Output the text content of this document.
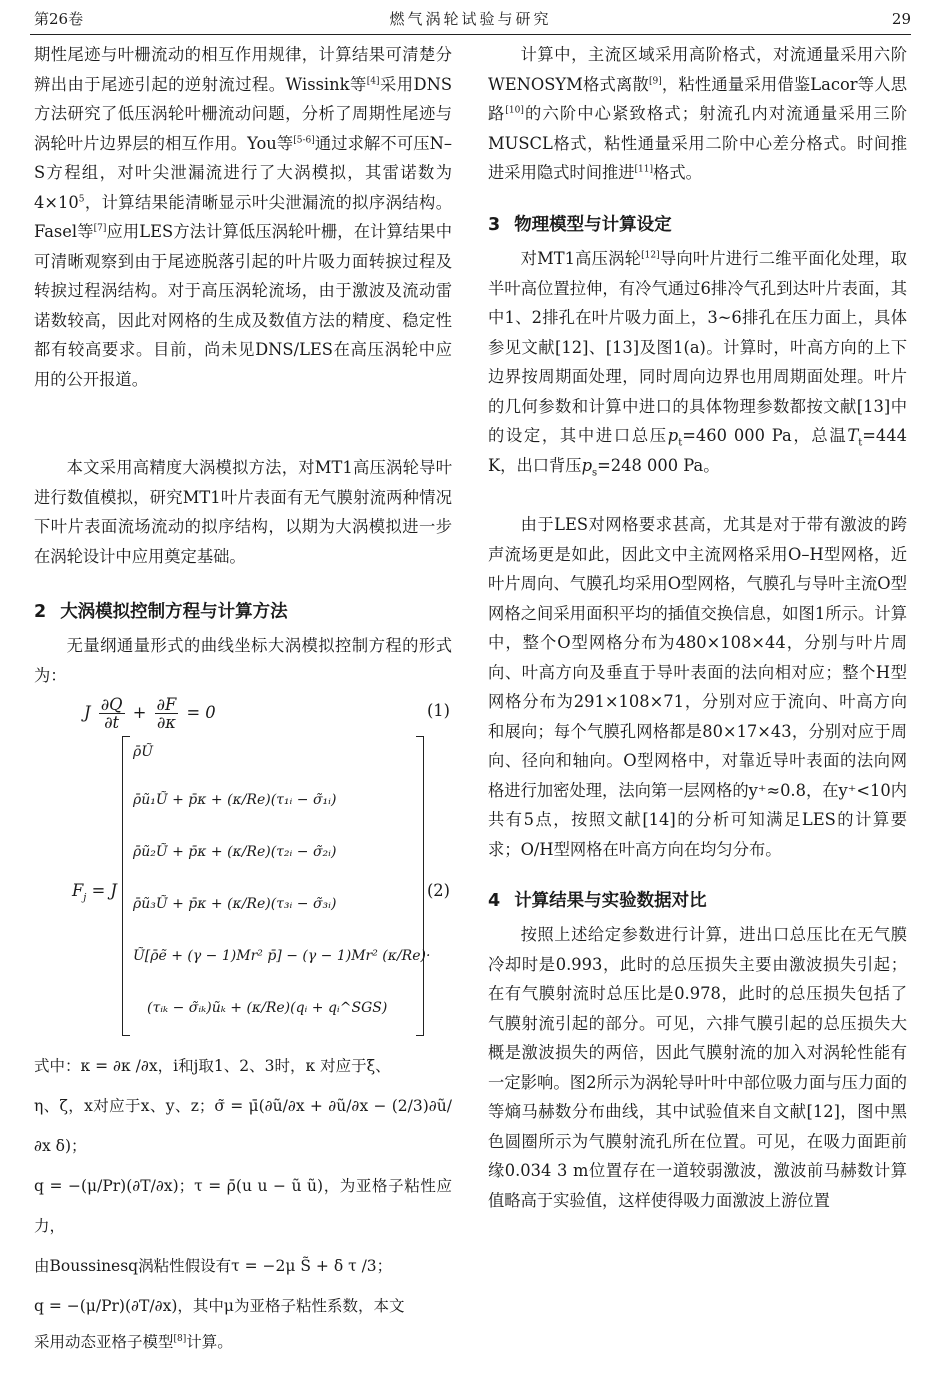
第26卷	燃气涡轮试验与研究	29

期性尾迹与叶栅流动的相互作用规律，计算结果可清楚分辨出由于尾迹引起的逆射流过程。Wissink等[4]采用DNS方法研究了低压涡轮叶栅流动问题，分析了周期性尾迹与涡轮叶片边界层的相互作用。You等[5-6]通过求解不可压N–S方程组，对叶尖泄漏流进行了大涡模拟，其雷诺数为$4\times 10^5$，计算结果能清晰显示叶尖泄漏流的拟序涡结构。Fasel等[7]应用LES方法计算低压涡轮叶栅，在计算结果中可清晰观察到由于尾迹脱落引起的叶片吸力面转捩过程及转捩过程涡结构。对于高压涡轮流场，由于激波及流动雷诺数较高，因此对网格的生成及数值方法的精度、稳定性都有较高要求。目前，尚未见DNS/LES在高压涡轮中应用的公开报道。

本文采用高精度大涡模拟方法，对MT1高压涡轮导叶进行数值模拟，研究MT1叶片表面有无气膜射流两种情况下叶片表面流场流动的拟序结构，以期为大涡模拟进一步在涡轮设计中应用奠定基础。

2 大涡模拟控制方程与计算方法

无量纲通量形式的曲线坐标大涡模拟控制方程的形式为：

J $\frac{\partial Q}{\partial t} + \frac{\partial F}{\partial\kappa} = 0$	(1)
$F_j = J$
ρ̄Ũ
ρ̄ũ₁Ũ + p̄κ + (κ/Re)(τ₁ᵢ − σ̃₁ᵢ)
ρ̄ũ₂Ũ + p̄κ + (κ/Re)(τ₂ᵢ − σ̃₂ᵢ)
ρ̄ũ₃Ũ + p̄κ + (κ/Re)(τ₃ᵢ − σ̃₃ᵢ)
Ũ[ρ̄ẽ + (γ − 1)Mr² p̄] − (γ − 1)Mr² (κ/Re)·
(τᵢₖ − σ̃ᵢₖ)ũₖ + (κ/Re)(qᵢ + qᵢ^SGS)
(2)
式中：κ = ∂κ /∂x，i和j取1、2、3时，κ 对应于ξ、
η、ζ，x对应于x、y、z；σ̃ = μ̄(∂ũ/∂x + ∂ũ/∂x − (2/3)∂ũ/∂x δ)；
q = −(μ/Pr)(∂T/∂x)；τ = ρ̄(u u − ũ ũ)，为亚格子粘性应力，
由Boussinesq涡粘性假设有τ = −2μ S̃ + δ τ /3；
q = −(μ/Pr)(∂T/∂x)，其中μ为亚格子粘性系数，本文
采用动态亚格子模型[8]计算。

计算中，主流区域采用高阶格式，对流通量采用六阶WENOSYM格式离散[9]，粘性通量采用借鉴Lacor等人思路[10]的六阶中心紧致格式；射流孔内对流通量采用三阶MUSCL格式，粘性通量采用二阶中心差分格式。时间推进采用隐式时间推进[11]格式。

3 物理模型与计算设定

对MT1高压涡轮[12]导向叶片进行二维平面化处理，取半叶高位置拉伸，有冷气通过6排冷气孔到达叶片表面，其中1、2排孔在叶片吸力面上，3~6排孔在压力面上，具体参见文献[12]、[13]及图1(a)。计算时，叶高方向的上下边界按周期面处理，同时周向边界也用周期面处理。叶片的几何参数和计算中进口的具体物理参数都按文献[13]中的设定，其中进口总压$p_t=460$ 000 Pa，总温$T_t=444$ K，出口背压$p_s=248$ 000 Pa。

由于LES对网格要求甚高，尤其是对于带有激波的跨声流场更是如此，因此文中主流网格采用O–H型网格，近叶片周向、气膜孔均采用O型网格，气膜孔与导叶主流O型网格之间采用面积平均的插值交换信息，如图1所示。计算中，整个O型网格分布为480×108×44，分别与叶片周向、叶高方向及垂直于导叶表面的法向相对应；整个H型网格分布为291×108×71，分别对应于流向、叶高方向和展向；每个气膜孔网格都是80×17×43，分别对应于周向、径向和轴向。O型网格中，对靠近导叶表面的法向网格进行加密处理，法向第一层网格的y⁺≈0.8，在y⁺<10内共有5点，按照文献[14]的分析可知满足LES的计算要求；O/H型网格在叶高方向在均匀分布。

4 计算结果与实验数据对比

按照上述给定参数进行计算，进出口总压比在无气膜冷却时是0.993，此时的总压损失主要由激波损失引起；在有气膜射流时总压比是0.978，此时的总压损失包括了气膜射流引起的部分。可见，六排气膜引起的总压损失大概是激波损失的两倍，因此气膜射流的加入对涡轮性能有一定影响。图2所示为涡轮导叶叶中部位吸力面与压力面的等熵马赫数分布曲线，其中试验值来自文献[12]，图中黑色圆圈所示为气膜射流孔所在位置。可见，在吸力面距前缘0.034 3 m位置存在一道较弱激波，激波前马赫数计算值略高于实验值，这样使得吸力面激波上游位置
